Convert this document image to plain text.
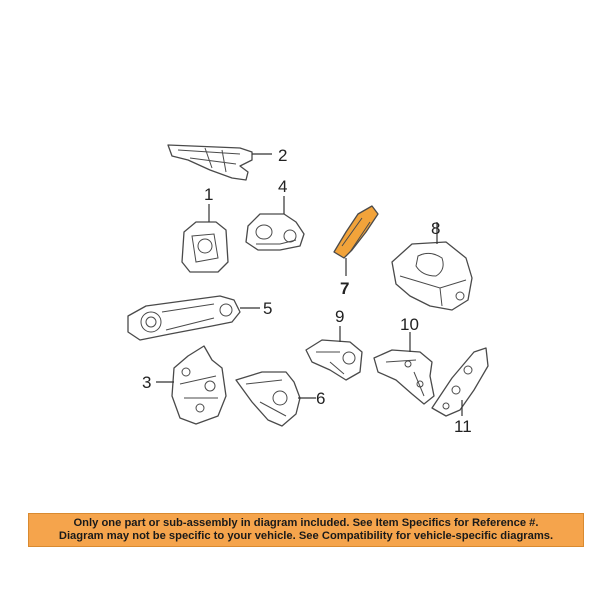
2
1	4
8
7
5	9	10
3
6
11
Only one part or sub-assembly in diagram included. See Item Specifics for Reference #.
Diagram may not be specific to your vehicle. See Compatibility for vehicle-specific diagrams.
